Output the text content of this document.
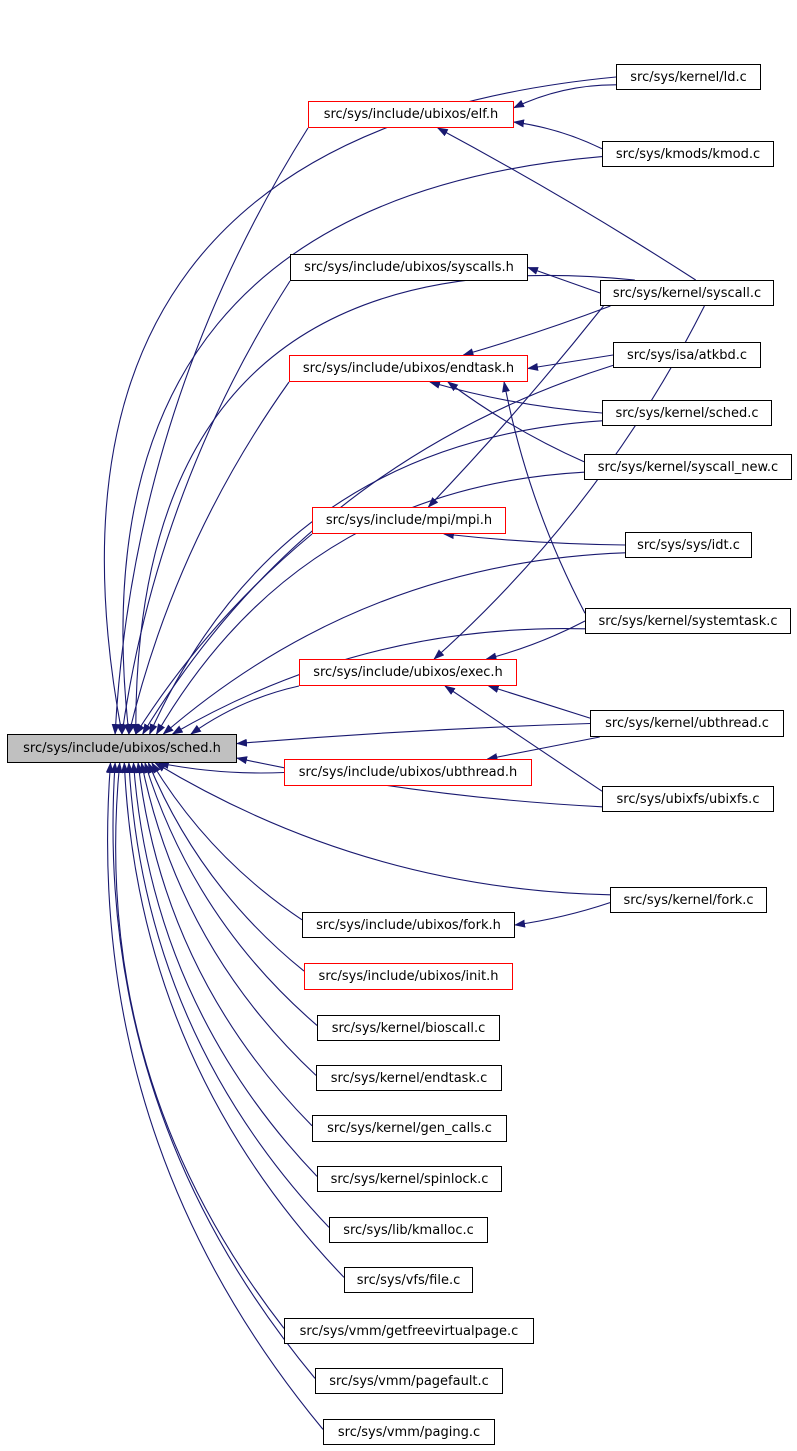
src/sys/include/ubixos/sched.h
src/sys/kernel/ld.c
src/sys/include/ubixos/elf.h
src/sys/kmods/kmod.c
src/sys/include/ubixos/syscalls.h
src/sys/kernel/syscall.c
src/sys/isa/atkbd.c
src/sys/include/ubixos/endtask.h
src/sys/kernel/sched.c
src/sys/kernel/syscall_new.c
src/sys/include/mpi/mpi.h
src/sys/sys/idt.c
src/sys/kernel/systemtask.c
src/sys/include/ubixos/exec.h
src/sys/kernel/ubthread.c
src/sys/include/ubixos/ubthread.h
src/sys/ubixfs/ubixfs.c
src/sys/kernel/fork.c
src/sys/include/ubixos/fork.h
src/sys/include/ubixos/init.h
src/sys/kernel/bioscall.c
src/sys/kernel/endtask.c
src/sys/kernel/gen_calls.c
src/sys/kernel/spinlock.c
src/sys/lib/kmalloc.c
src/sys/vfs/file.c
src/sys/vmm/getfreevirtualpage.c
src/sys/vmm/pagefault.c
src/sys/vmm/paging.c
